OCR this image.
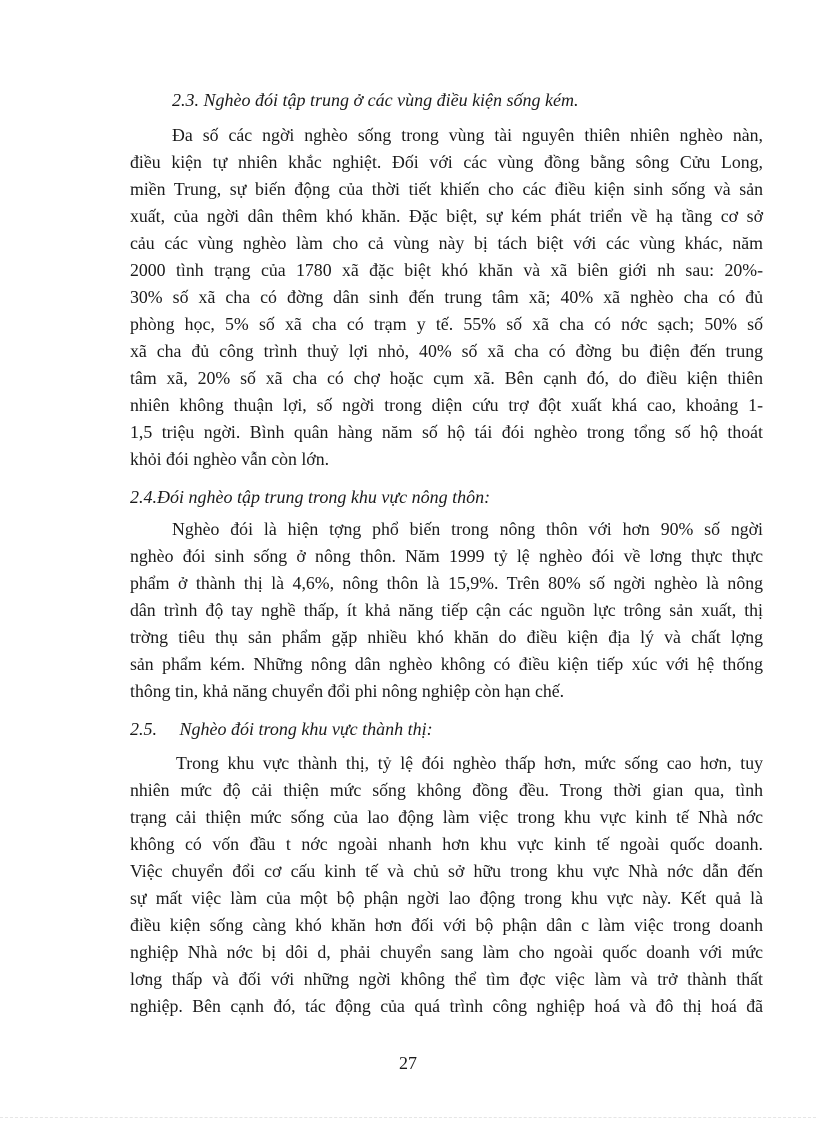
2.3. Nghèo đói tập trung ở các vùng điều kiện sống kém.
Đa số các ngời nghèo sống trong vùng tài nguyên thiên nhiên nghèo nàn,
điều kiện tự nhiên khắc nghiệt. Đối với các vùng đồng bằng sông Cửu Long,
miền Trung, sự biến động của thời tiết khiến cho các điều kiện sinh sống và sản
xuất, của ngời dân thêm khó khăn. Đặc biệt, sự kém phát triển về hạ tầng cơ sở
cảu các vùng nghèo làm cho cả vùng này bị tách biệt với các vùng khác, năm
2000 tình trạng của 1780 xã đặc biệt khó khăn và xã biên giới nh sau: 20%-
30% số xã cha có đờng dân sinh đến trung tâm xã; 40% xã nghèo cha có đủ
phòng học, 5% số xã cha có trạm y tế. 55% số xã cha có nớc sạch; 50% số
xã cha đủ công trình thuỷ lợi nhỏ, 40% số xã cha có đờng bu điện đến trung
tâm xã, 20% số xã cha có chợ hoặc cụm xã. Bên cạnh đó, do điều kiện thiên
nhiên không thuận lợi, số ngời trong diện cứu trợ đột xuất khá cao, khoảng 1-
1,5 triệu ngời. Bình quân hàng năm số hộ tái đói nghèo trong tổng số hộ thoát
khỏi đói nghèo vẫn còn lớn.
2.4.Đói nghèo tập trung trong khu vực nông thôn:
Nghèo đói là hiện tợng phổ biến trong nông thôn với hơn 90% số ngời
nghèo đói sinh sống ở nông thôn. Năm 1999 tỷ lệ nghèo đói về lơng thực thực
phẩm ở thành thị là 4,6%, nông thôn là 15,9%. Trên 80% số ngời nghèo là nông
dân trình độ tay nghề thấp, ít khả năng tiếp cận các nguồn lực trông sản xuất, thị
trờng tiêu thụ sản phẩm gặp nhiều khó khăn do điều kiện địa lý và chất lợng
sản phẩm kém. Những nông dân nghèo không có điều kiện tiếp xúc với hệ thống
thông tin, khả năng chuyển đổi phi nông nghiệp còn hạn chế.
2.5.     Nghèo đói trong khu vực thành thị:
Trong khu vực thành thị, tỷ lệ đói nghèo thấp hơn, mức sống cao hơn, tuy
nhiên mức độ cải thiện mức sống không đồng đều. Trong thời gian qua, tình
trạng cải thiện mức sống của lao động làm việc trong khu vực kinh tế Nhà nớc
không có vốn đầu t nớc ngoài nhanh hơn khu vực kinh tế ngoài quốc doanh.
Việc chuyển đổi cơ cấu kinh tế và chủ sở hữu trong khu vực Nhà nớc dẫn đến
sự mất việc làm của một bộ phận ngời lao động trong khu vực này. Kết quả là
điều kiện sống càng khó khăn hơn đối với bộ phận dân c làm việc trong doanh
nghiệp Nhà nớc bị dôi d, phải chuyển sang làm cho ngoài quốc doanh với mức
lơng thấp và đối với những ngời không thể tìm đợc việc làm và trở thành thất
nghiệp. Bên cạnh đó, tác động của quá trình công nghiệp hoá và đô thị hoá đã
27
